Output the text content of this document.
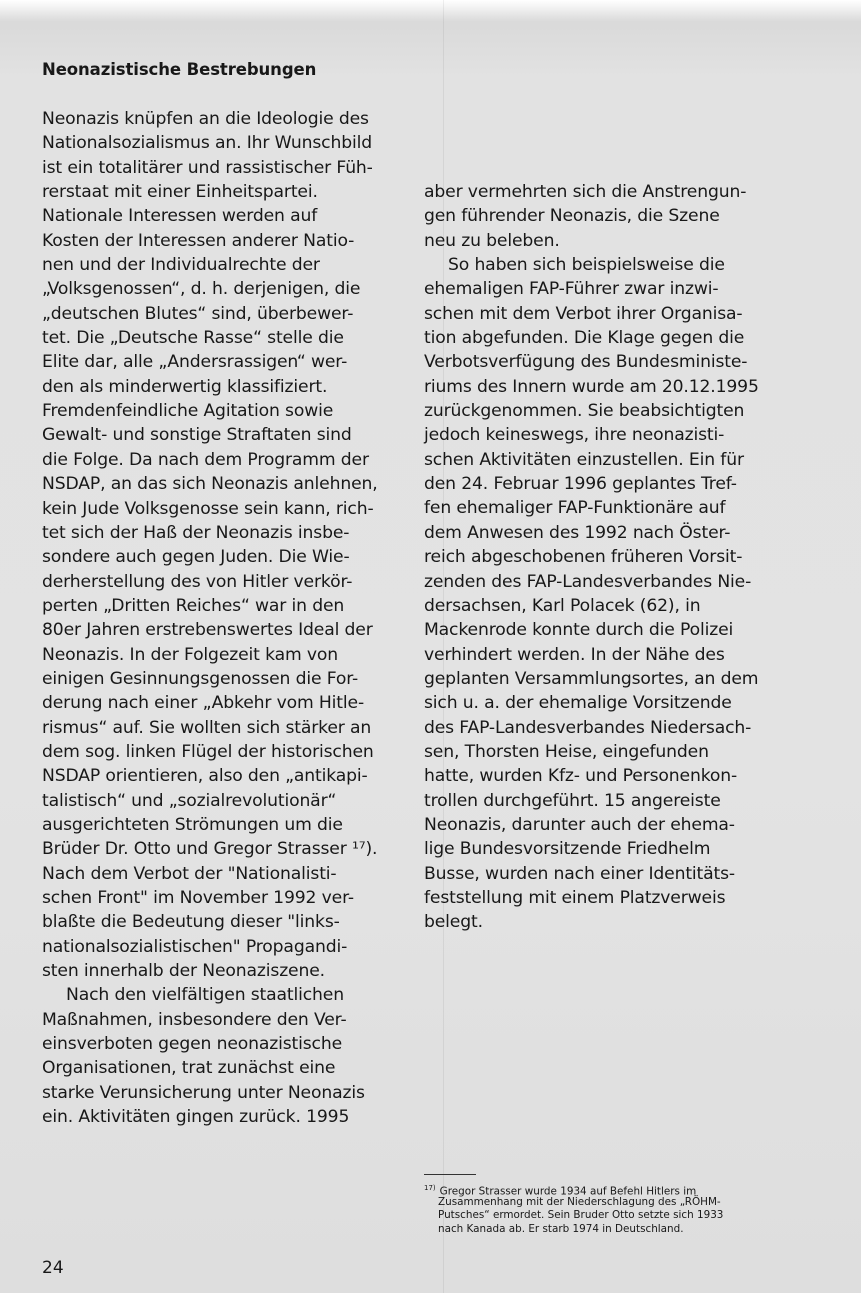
Neonazistische Bestrebungen
Neonazis knüpfen an die Ideologie des
Nationalsozialismus an. Ihr Wunschbild
ist ein totalitärer und rassistischer Füh-
rerstaat mit einer Einheitspartei.
Nationale Interessen werden auf
Kosten der Interessen anderer Natio-
nen und der Individualrechte der
„Volksgenossen“, d. h. derjenigen, die
„deutschen Blutes“ sind, überbewer-
tet. Die „Deutsche Rasse“ stelle die
Elite dar, alle „Andersrassigen“ wer-
den als minderwertig klassifiziert.
Fremdenfeindliche Agitation sowie
Gewalt- und sonstige Straftaten sind
die Folge. Da nach dem Programm der
NSDAP, an das sich Neonazis anlehnen,
kein Jude Volksgenosse sein kann, rich-
tet sich der Haß der Neonazis insbe-
sondere auch gegen Juden. Die Wie-
derherstellung des von Hitler verkör-
perten „Dritten Reiches“ war in den
80er Jahren erstrebenswertes Ideal der
Neonazis. In der Folgezeit kam von
einigen Gesinnungsgenossen die For-
derung nach einer „Abkehr vom Hitle-
rismus“ auf. Sie wollten sich stärker an
dem sog. linken Flügel der historischen
NSDAP orientieren, also den „antikapi-
talistisch“ und „sozialrevolutionär“
ausgerichteten Strömungen um die
Brüder Dr. Otto und Gregor Strasser ¹⁷).
Nach dem Verbot der "Nationalisti-
schen Front" im November 1992 ver-
blaßte die Bedeutung dieser "links-
nationalsozialistischen" Propagandi-
sten innerhalb der Neonaziszene.
Nach den vielfältigen staatlichen
Maßnahmen, insbesondere den Ver-
einsverboten gegen neonazistische
Organisationen, trat zunächst eine
starke Verunsicherung unter Neonazis
ein. Aktivitäten gingen zurück. 1995
aber vermehrten sich die Anstrengun-
gen führender Neonazis, die Szene
neu zu beleben.
So haben sich beispielsweise die
ehemaligen FAP-Führer zwar inzwi-
schen mit dem Verbot ihrer Organisa-
tion abgefunden. Die Klage gegen die
Verbotsverfügung des Bundesministe-
riums des Innern wurde am 20.12.1995
zurückgenommen. Sie beabsichtigten
jedoch keineswegs, ihre neonazisti-
schen Aktivitäten einzustellen. Ein für
den 24. Februar 1996 geplantes Tref-
fen ehemaliger FAP-Funktionäre auf
dem Anwesen des 1992 nach Öster-
reich abgeschobenen früheren Vorsit-
zenden des FAP-Landesverbandes Nie-
dersachsen, Karl Polacek (62), in
Mackenrode konnte durch die Polizei
verhindert werden. In der Nähe des
geplanten Versammlungsortes, an dem
sich u. a. der ehemalige Vorsitzende
des FAP-Landesverbandes Niedersach-
sen, Thorsten Heise, eingefunden
hatte, wurden Kfz- und Personenkon-
trollen durchgeführt. 15 angereiste
Neonazis, darunter auch der ehema-
lige Bundesvorsitzende Friedhelm
Busse, wurden nach einer Identitäts-
feststellung mit einem Platzverweis
belegt.
$^{17)}$ Gregor Strasser wurde 1934 auf Befehl Hitlers im
Zusammenhang mit der Niederschlagung des „RÖHM-
Putsches“ ermordet. Sein Bruder Otto setzte sich 1933
nach Kanada ab. Er starb 1974 in Deutschland.
24
